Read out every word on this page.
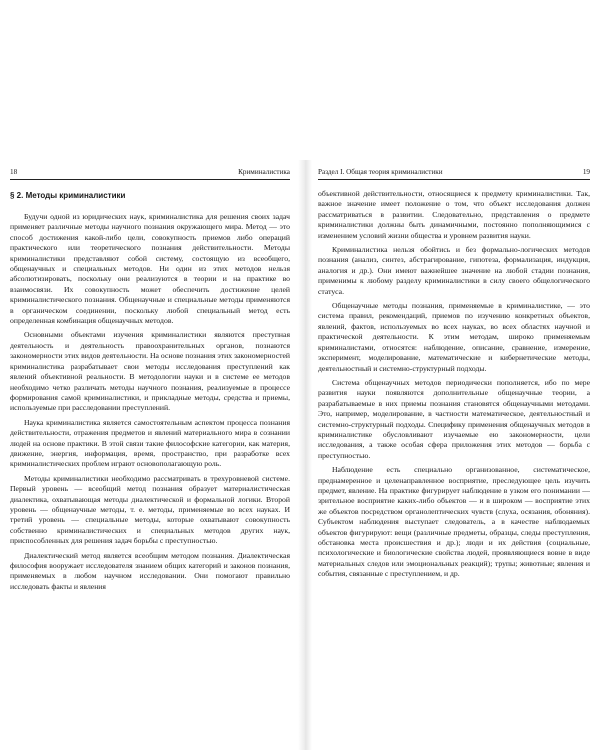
18	Криминалистика
§ 2. Методы криминалистики

Будучи одной из юридических наук, криминалистика для решения своих задач применяет различные методы научного познания окружающего мира. Метод — это способ достижения какой-либо цели, совокупность приемов либо операций практического или теоретического познания действительности. Методы криминалистики представляют собой систему, состоящую из всеобщего, общенаучных и специальных методов. Ни один из этих методов нельзя абсолютизировать, поскольку они реализуются в теории и на практике во взаимосвязи. Их совокупность может обеспечить достижение целей криминалистического познания. Общенаучные и специальные методы применяются в органическом соединении, поскольку любой специальный метод есть определенная комбинация общенаучных методов.

Основными объектами изучения криминалистики являются преступная деятельность и деятельность правоохранительных органов, познаются закономерности этих видов деятельности. На основе познания этих закономерностей криминалистика разрабатывает свои методы исследования преступлений как явлений объективной реальности. В методологии науки и в системе ее методов необходимо четко различать методы научного познания, реализуемые в процессе формирования самой криминалистики, и прикладные методы, средства и приемы, используемые при расследовании преступлений.

Наука криминалистика является самостоятельным аспектом процесса познания действительности, отражения предметов и явлений материального мира в сознании людей на основе практики. В этой связи такие философские категории, как материя, движение, энергия, информация, время, пространство, при разработке всех криминалистических проблем играют основополагающую роль.

Методы криминалистики необходимо рассматривать в трехуровневой системе. Первый уровень — всеобщий метод познания образует материалистическая диалектика, охватывающая методы диалектической и формальной логики. Второй уровень — общенаучные методы, т. е. методы, применяемые во всех науках. И третий уровень — специальные методы, которые охватывают совокупность собственно криминалистических и специальных методов других наук, приспособленных для решения задач борьбы с преступностью.

Диалектический метод является всеобщим методом познания. Диалектическая философия вооружает исследователя знанием общих категорий и законов познания, применяемых в любом научном исследовании. Они помогают правильно исследовать факты и явления

Раздел I. Общая теория криминалистики	19

объективной действительности, относящиеся к предмету криминалистики. Так, важное значение имеет положение о том, что объект исследования должен рассматриваться в развитии. Следовательно, представления о предмете криминалистики должны быть динамичными, постоянно пополняющимися с изменением условий жизни общества и уровнем развития науки.

Криминалистика нельзя обойтись и без формально-логических методов познания (анализ, синтез, абстрагирование, гипотеза, формализация, индукция, аналогия и др.). Они имеют важнейшее значение на любой стадии познания, применимы к любому разделу криминалистики в силу своего общелогического статуса.

Общенаучные методы познания, применяемые в криминалистике, — это система правил, рекомендаций, приемов по изучению конкретных объектов, явлений, фактов, используемых во всех науках, во всех областях научной и практической деятельности. К этим методам, широко применяемым криминалистами, относятся: наблюдение, описание, сравнение, измерение, эксперимент, моделирование, математические и кибернетические методы, деятельностный и системно-структурный подходы.

Система общенаучных методов периодически пополняется, ибо по мере развития науки появляются дополнительные общенаучные теории, а разрабатываемые в них приемы познания становятся общенаучными методами. Это, например, моделирование, в частности математическое, деятельностный и системно-структурный подходы. Специфику применения общенаучных методов в криминалистике обусловливают изучаемые ею закономерности, цели исследования, а также особая сфера приложения этих методов — борьба с преступностью.

Наблюдение есть специально организованное, систематическое, преднамеренное и целенаправленное восприятие, преследующее цель изучить предмет, явление. На практике фигурирует наблюдение в узком его понимании — зрительное восприятие каких-либо объектов — и в широком — восприятие этих же объектов посредством органолептических чувств (слуха, осязания, обоняния). Субъектом наблюдения выступает следователь, а в качестве наблюдаемых объектов фигурируют: вещи (различные предметы, образцы, следы преступления, обстановка места происшествия и др.); люди и их действия (социальные, психологические и биологические свойства людей, проявляющиеся вовне в виде материальных следов или эмоциональных реакций); трупы; животные; явления и события, связанные с преступлением, и др.
